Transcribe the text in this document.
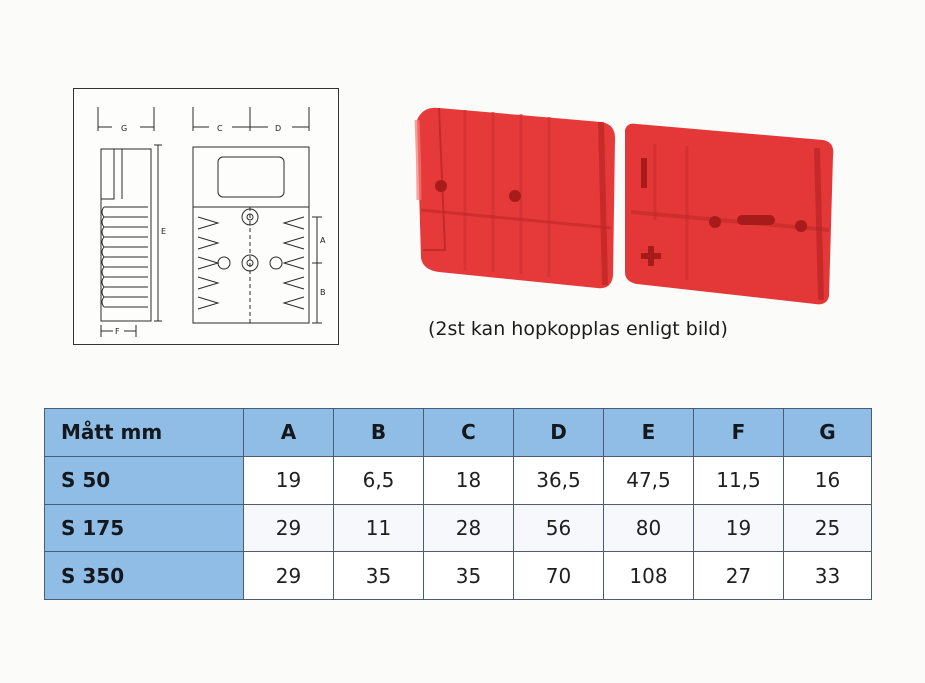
G	C	D
E
A
B
F	(2st kan hopkopplas enligt bild)
Mått mm	A	B	C	D	E	F	G
S 50	19	6,5	18	36,5	47,5	11,5	16
S 175	29	11	28	56	80	19	25
S 350	29	35	35	70	108	27	33
